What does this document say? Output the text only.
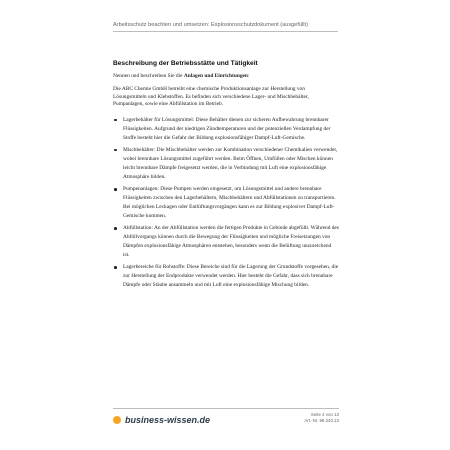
Arbeitsschutz beachten und umsetzen: Explosionsschutzdokument (ausgefüllt)
Beschreibung der Betriebsstätte und Tätigkeit

Nennen und beschreiben Sie die Anlagen und Einrichtungen:

Die ABC Chemie GmbH betreibt eine chemische Produktionsanlage zur Herstellung von Lösungsmitteln und Klebstoffen. Es befinden sich verschiedene Lager- und Mischbehälter, Pumpanlagen, sowie eine Abfüllstation im Betrieb.

Lagerbehälter für Lösungsmittel: Diese Behälter dienen zur sicheren Aufbewahrung brennbarer Flüssigkeiten. Aufgrund der niedrigen Zündtemperaturen und der potenziellen Verdampfung der Stoffe besteht hier die Gefahr der Bildung explosionsfähiger Dampf-Luft-Gemische.
Mischbehälter: Die Mischbehälter werden zur Kombination verschiedener Chemikalien verwendet, wobei brennbare Lösungsmittel zugeführt werden. Beim Öffnen, Umfüllen oder Mischen können leicht brennbare Dämpfe freigesetzt werden, die in Verbindung mit Luft eine explosionsfähige Atmosphäre bilden.
Pumpenanlagen: Diese Pumpen werden eingesetzt, um Lösungsmittel und andere brennbare Flüssigkeiten zwischen den Lagerbehältern, Mischbehältern und Abfüllstationen zu transportieren. Bei möglichen Leckagen oder Entlüftungsvorgängen kann es zur Bildung explosiver Dampf-Luft-Gemische kommen.
Abfüllstation: An der Abfüllstation werden die fertigen Produkte in Gebinde abgefüllt. Während des Abfüllvorgangs können durch die Bewegung der Flüssigkeiten und mögliche Freisetzungen von Dämpfen explosionsfähige Atmosphären entstehen, besonders wenn die Belüftung unzureichend ist.
Lagerbereiche für Rohstoffe: Diese Bereiche sind für die Lagerung der Grundstoffe vorgesehen, die zur Herstellung der Endprodukte verwendet werden. Hier besteht die Gefahr, dass sich brennbare Dämpfe oder Stäube ansammeln und mit Luft eine explosionsfähige Mischung bilden.
business-wissen.de
Seite 4 von 13
Art.-Nr. 99.240.13
